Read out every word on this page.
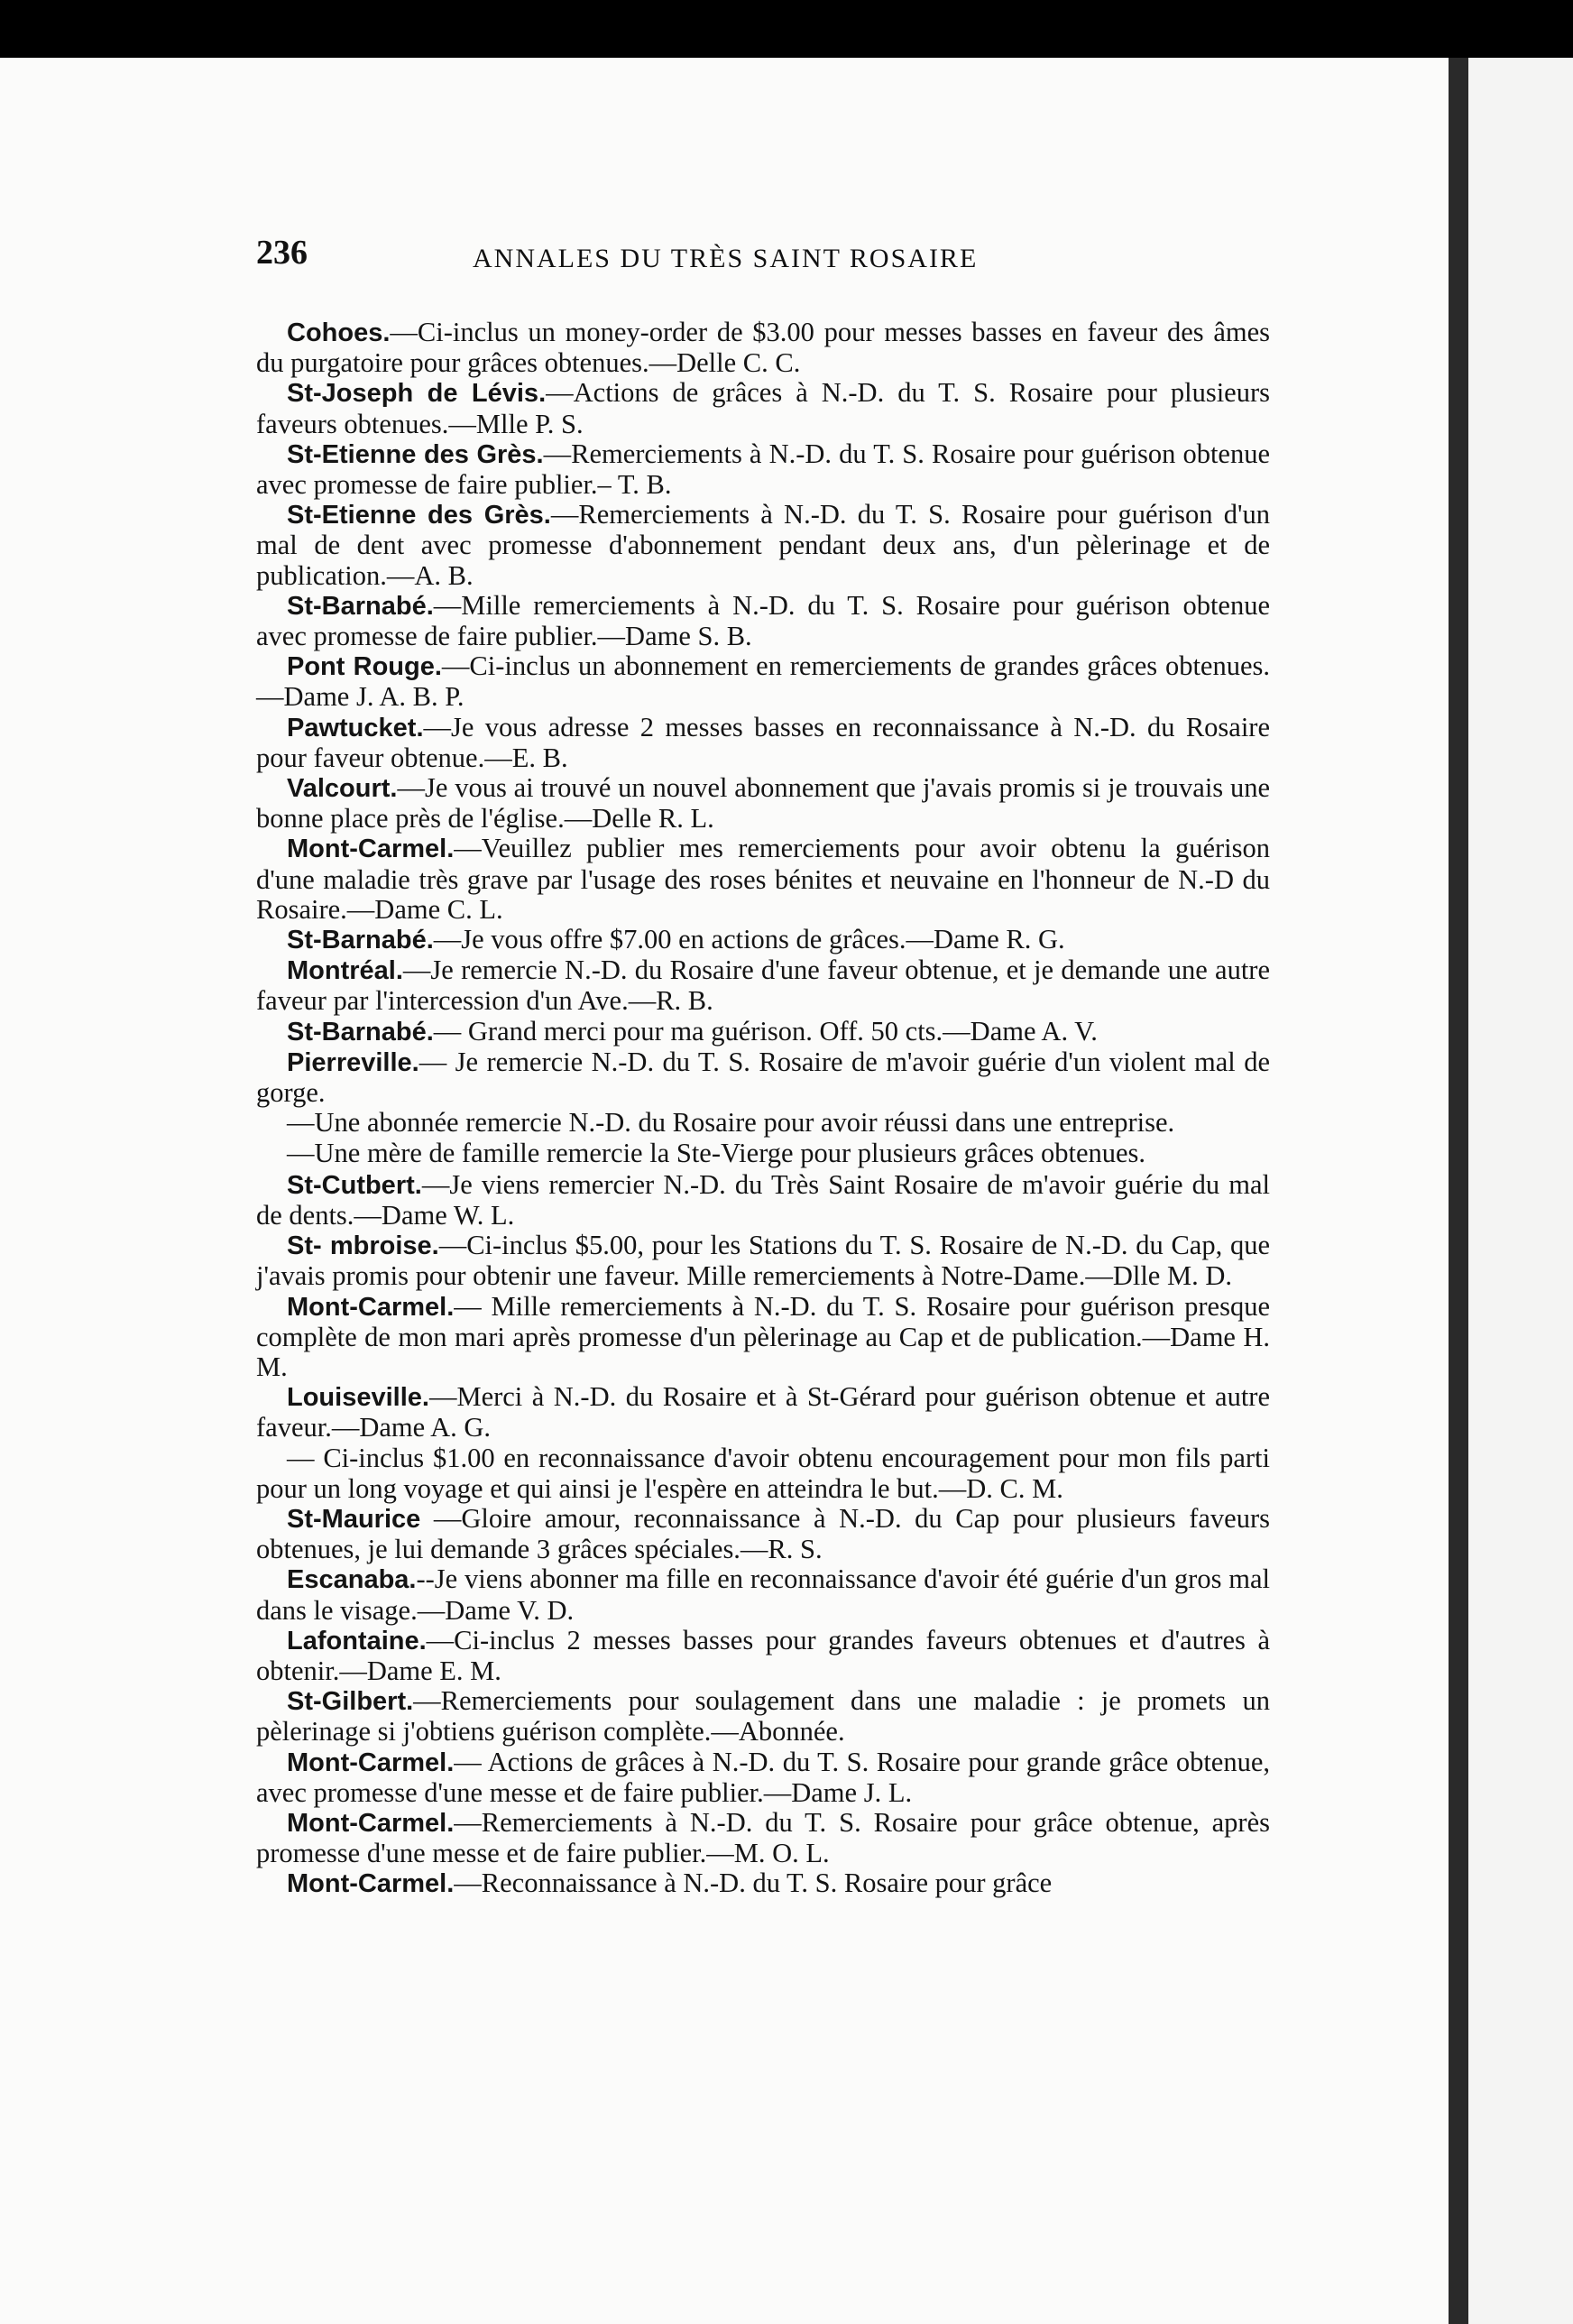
236	ANNALES DU TRÈS SAINT ROSAIRE

Cohoes.—Ci-inclus un money-order de $3.00 pour messes basses en faveur des âmes du purgatoire pour grâces obtenues.—Delle C. C.

St-Joseph de Lévis.—Actions de grâces à N.-D. du T. S. Rosaire pour plusieurs faveurs obtenues.—Mlle P. S.

St-Etienne des Grès.—Remerciements à N.-D. du T. S. Rosaire pour guérison obtenue avec promesse de faire publier.– T. B.

St-Etienne des Grès.—Remerciements à N.-D. du T. S. Rosaire pour guérison d'un mal de dent avec promesse d'abonnement pendant deux ans, d'un pèlerinage et de publication.—A. B.

St-Barnabé.—Mille remerciements à N.-D. du T. S. Rosaire pour guérison obtenue avec promesse de faire publier.—Dame S. B.

Pont Rouge.—Ci-inclus un abonnement en remerciements de grandes grâces obtenues.—Dame J. A. B. P.

Pawtucket.—Je vous adresse 2 messes basses en reconnaissance à N.-D. du Rosaire pour faveur obtenue.—E. B.

Valcourt.—Je vous ai trouvé un nouvel abonnement que j'avais promis si je trouvais une bonne place près de l'église.—Delle R. L.

Mont-Carmel.—Veuillez publier mes remerciements pour avoir obtenu la guérison d'une maladie très grave par l'usage des roses bénites et neuvaine en l'honneur de N.-D du Rosaire.—Dame C. L.

St-Barnabé.—Je vous offre $7.00 en actions de grâces.—Dame R. G.

Montréal.—Je remercie N.-D. du Rosaire d'une faveur obtenue, et je demande une autre faveur par l'intercession d'un Ave.—R. B.

St-Barnabé.— Grand merci pour ma guérison. Off. 50 cts.—Dame A. V.

Pierreville.— Je remercie N.-D. du T. S. Rosaire de m'avoir guérie d'un violent mal de gorge.

—Une abonnée remercie N.-D. du Rosaire pour avoir réussi dans une entreprise.

—Une mère de famille remercie la Ste-Vierge pour plusieurs grâces obtenues.

St-Cutbert.—Je viens remercier N.-D. du Très Saint Rosaire de m'avoir guérie du mal de dents.—Dame W. L.

St- mbroise.—Ci-inclus $5.00, pour les Stations du T. S. Rosaire de N.-D. du Cap, que j'avais promis pour obtenir une faveur. Mille remerciements à Notre-Dame.—Dlle M. D.

Mont-Carmel.— Mille remerciements à N.-D. du T. S. Rosaire pour guérison presque complète de mon mari après promesse d'un pèlerinage au Cap et de publication.—Dame H. M.

Louiseville.—Merci à N.-D. du Rosaire et à St-Gérard pour guérison obtenue et autre faveur.—Dame A. G.

— Ci-inclus $1.00 en reconnaissance d'avoir obtenu encouragement pour mon fils parti pour un long voyage et qui ainsi je l'espère en atteindra le but.—D. C. M.

St-Maurice —Gloire amour, reconnaissance à N.-D. du Cap pour plusieurs faveurs obtenues, je lui demande 3 grâces spéciales.—R. S.

Escanaba.--Je viens abonner ma fille en reconnaissance d'avoir été guérie d'un gros mal dans le visage.—Dame V. D.

Lafontaine.—Ci-inclus 2 messes basses pour grandes faveurs obtenues et d'autres à obtenir.—Dame E. M.

St-Gilbert.—Remerciements pour soulagement dans une maladie : je promets un pèlerinage si j'obtiens guérison complète.—Abonnée.

Mont-Carmel.— Actions de grâces à N.-D. du T. S. Rosaire pour grande grâce obtenue, avec promesse d'une messe et de faire publier.—Dame J. L.

Mont-Carmel.—Remerciements à N.-D. du T. S. Rosaire pour grâce obtenue, après promesse d'une messe et de faire publier.—M. O. L.

Mont-Carmel.—Reconnaissance à N.-D. du T. S. Rosaire pour grâce
